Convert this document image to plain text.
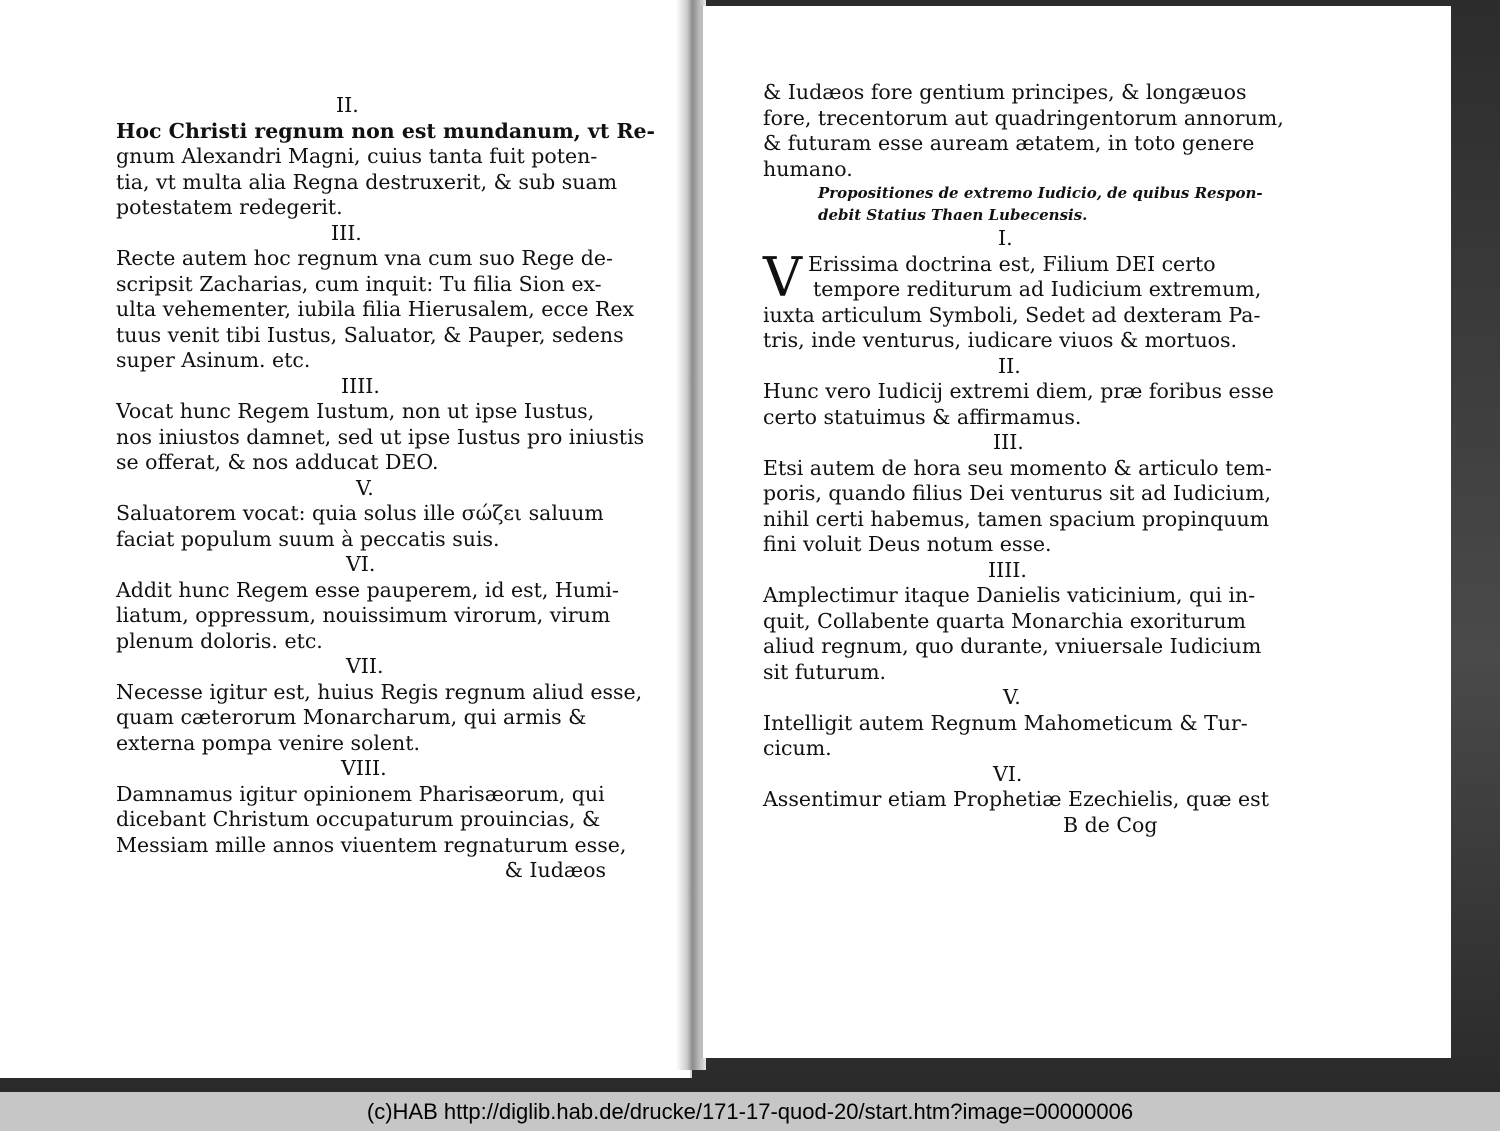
II.
Hoc Christi regnum non est mundanum, vt Re-
gnum Alexandri Magni, cuius tanta fuit poten-
tia, vt multa alia Regna destruxerit, & sub suam
potestatem redegerit.
III.
Recte autem hoc regnum vna cum suo Rege de-
scripsit Zacharias, cum inquit: Tu filia Sion ex-
ulta vehementer, iubila filia Hierusalem, ecce Rex
tuus venit tibi Iustus, Saluator, & Pauper, sedens
super Asinum. etc.
IIII.
Vocat hunc Regem Iustum, non ut ipse Iustus,
nos iniustos damnet, sed ut ipse Iustus pro iniustis
se offerat, & nos adducat DEO.
V.
Saluatorem vocat: quia solus ille σώζει saluum
faciat populum suum à peccatis suis.
VI.
Addit hunc Regem esse pauperem, id est, Humi-
liatum, oppressum, nouissimum virorum, virum
plenum doloris. etc.
VII.
Necesse igitur est, huius Regis regnum aliud esse,
quam cæterorum Monarcharum, qui armis &
externa pompa venire solent.
VIII.
Damnamus igitur opinionem Pharisæorum, qui
dicebant Christum occupaturum prouincias, &
Messiam mille annos viuentem regnaturum esse,
& Iudæos
& Iudæos fore gentium principes, & longæuos
fore, trecentorum aut quadringentorum annorum,
& futuram esse auream ætatem, in toto genere
humano.
Propositiones de extremo Iudicio, de quibus Respon-
debit Statius Thaen Lubecensis.
I.
V Erissima doctrina est, Filium DEI certo
tempore rediturum ad Iudicium extremum,
iuxta articulum Symboli, Sedet ad dexteram Pa-
tris, inde venturus, iudicare viuos & mortuos.
II.
Hunc vero Iudicij extremi diem, præ foribus esse
certo statuimus & affirmamus.
III.
Etsi autem de hora seu momento & articulo tem-
poris, quando filius Dei venturus sit ad Iudicium,
nihil certi habemus, tamen spacium propinquum
fini voluit Deus notum esse.
IIII.
Amplectimur itaque Danielis vaticinium, qui in-
quit, Collabente quarta Monarchia exoriturum
aliud regnum, quo durante, vniuersale Iudicium
sit futurum.
V.
Intelligit autem Regnum Mahometicum & Tur-
cicum.
VI.
Assentimur etiam Prophetiæ Ezechielis, quæ est
B de Cog
(c)HAB http://diglib.hab.de/drucke/171-17-quod-20/start.htm?image=00000006
